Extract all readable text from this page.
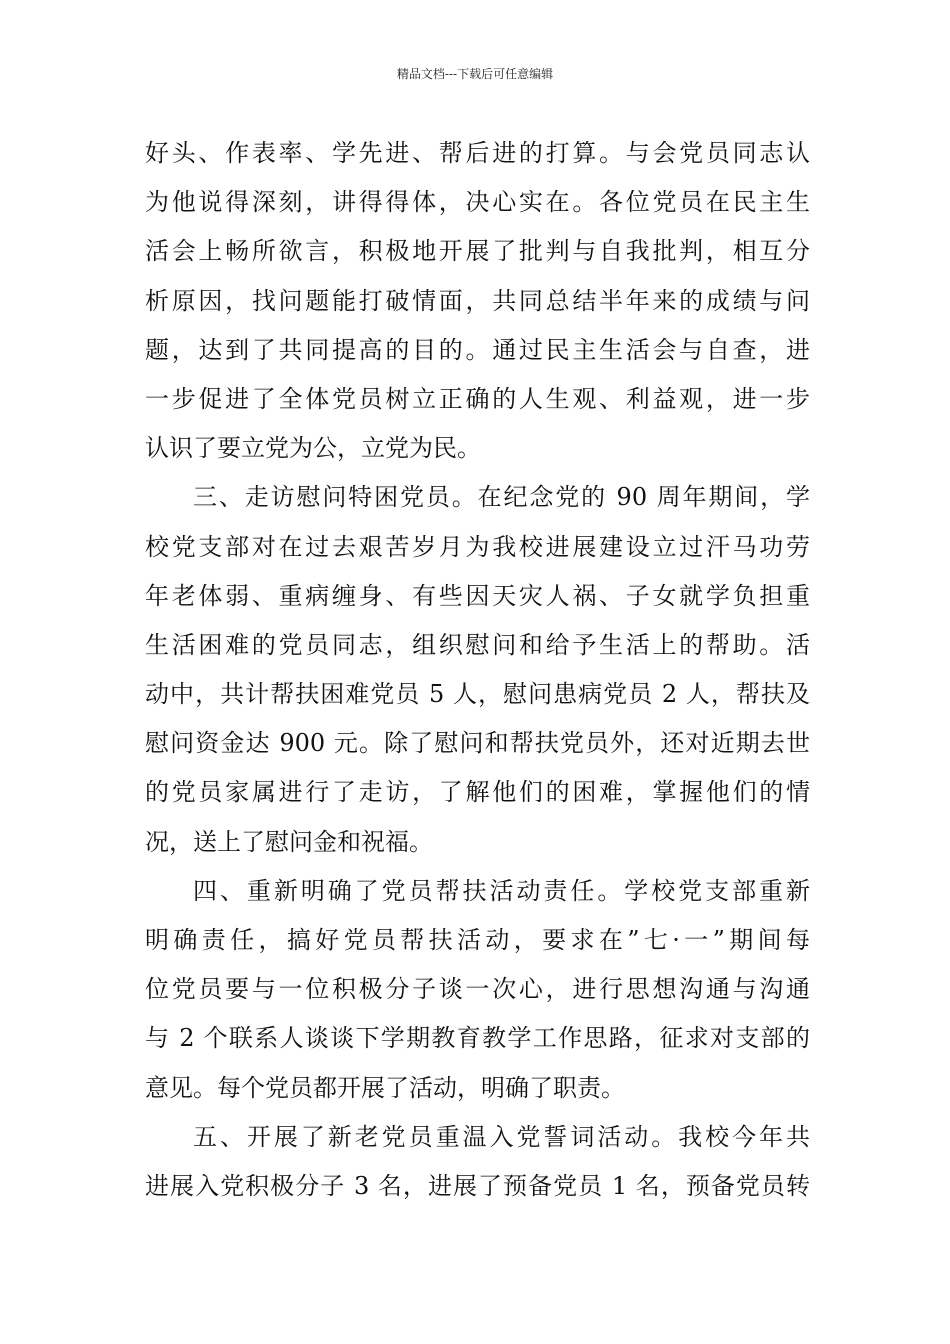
精品文档---下载后可任意编辑
好头、作表率、学先进、帮后进的打算。与会党员同志认
为他说得深刻，讲得得体，决心实在。各位党员在民主生
活会上畅所欲言，积极地开展了批判与自我批判，相互分
析原因，找问题能打破情面，共同总结半年来的成绩与问
题，达到了共同提高的目的。通过民主生活会与自查，进
一步促进了全体党员树立正确的人生观、利益观，进一步
认识了要立党为公，立党为民。
三、走访慰问特困党员。在纪念党的 90 周年期间，学
校党支部对在过去艰苦岁月为我校进展建设立过汗马功劳
年老体弱、重病缠身、有些因天灾人祸、子女就学负担重
生活困难的党员同志，组织慰问和给予生活上的帮助。活
动中，共计帮扶困难党员 5 人，慰问患病党员 2 人，帮扶及
慰问资金达 900 元。除了慰问和帮扶党员外，还对近期去世
的党员家属进行了走访，了解他们的困难，掌握他们的情
况，送上了慰问金和祝福。
四、重新明确了党员帮扶活动责任。学校党支部重新
明确责任，搞好党员帮扶活动，要求在”七·一”期间每
位党员要与一位积极分子谈一次心，进行思想沟通与沟通
与 2 个联系人谈谈下学期教育教学工作思路，征求对支部的
意见。每个党员都开展了活动，明确了职责。
五、开展了新老党员重温入党誓词活动。我校今年共
进展入党积极分子 3 名，进展了预备党员 1 名，预备党员转
